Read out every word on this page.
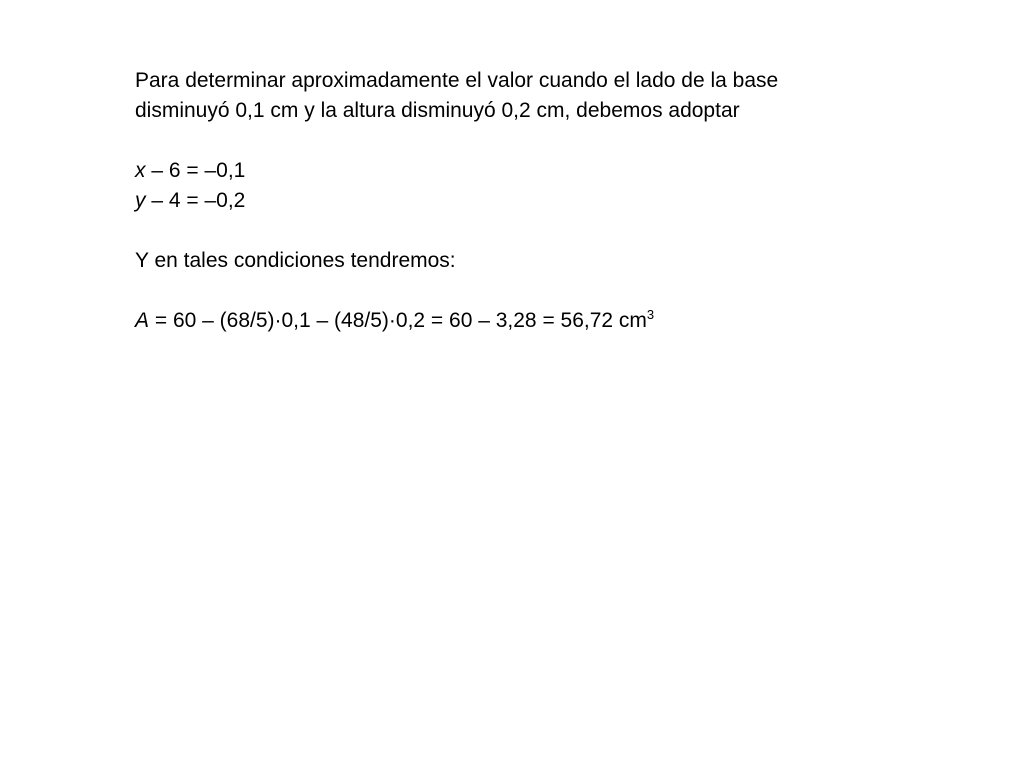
Para determinar aproximadamente el valor cuando el lado de la base
disminuyó 0,1 cm y la altura disminuyó 0,2 cm, debemos adoptar
x – 6 = –0,1
y – 4 = –0,2
Y en tales condiciones tendremos:
A = 60 – (68/5)·0,1 – (48/5)·0,2 = 60 – 3,28 = 56,72 $cm^3$
